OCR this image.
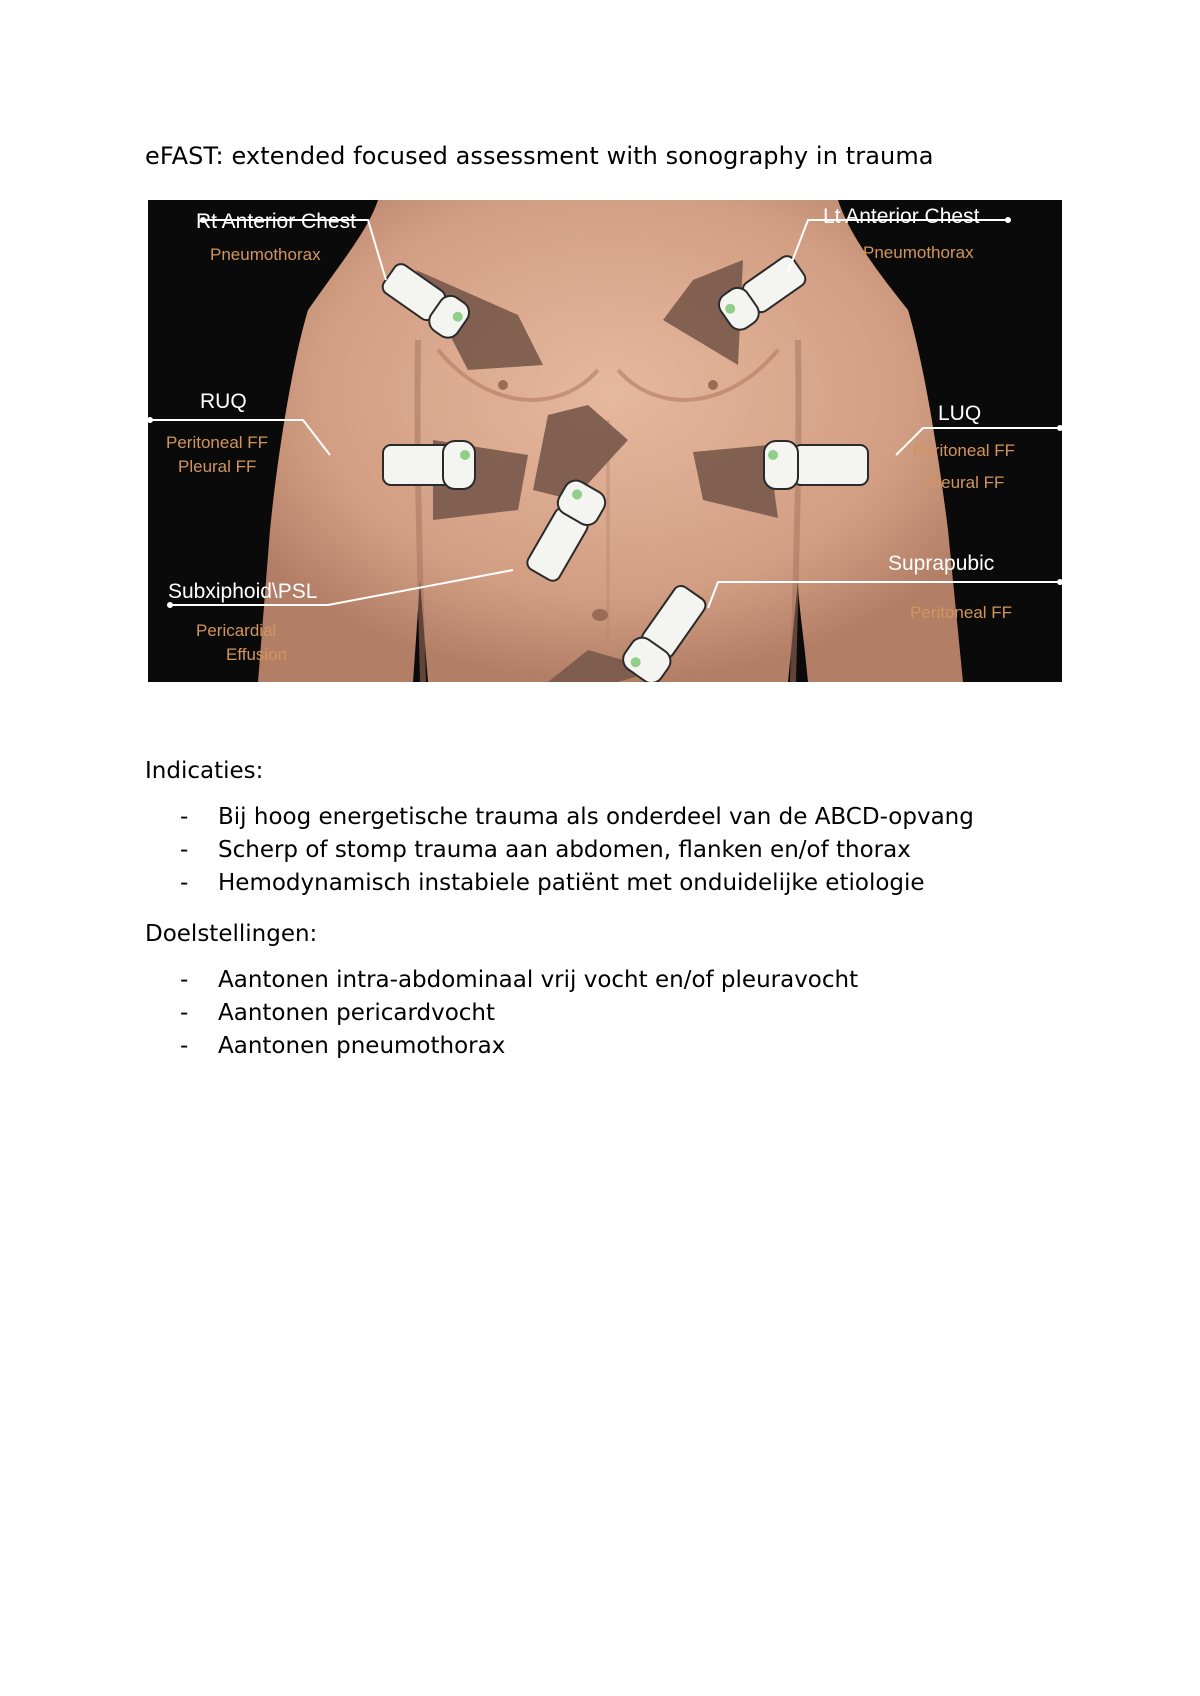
eFAST: extended focused assessment with sonography in trauma
Rt Anterior Chest
Pneumothorax
Lt Anterior Chest
Pneumothorax
RUQ
Peritoneal FF
Pleural FF
LUQ
Peritoneal FF
Pleural FF
Subxiphoid\PSL
Pericardial
Effusion
Suprapubic
Peritoneal FF
Indicaties:
- Bij hoog energetische trauma als onderdeel van de ABCD-opvang
- Scherp of stomp trauma aan abdomen, flanken en/of thorax
- Hemodynamisch instabiele patiënt met onduidelijke etiologie
Doelstellingen:
- Aantonen intra-abdominaal vrij vocht en/of pleuravocht
- Aantonen pericardvocht
- Aantonen pneumothorax
